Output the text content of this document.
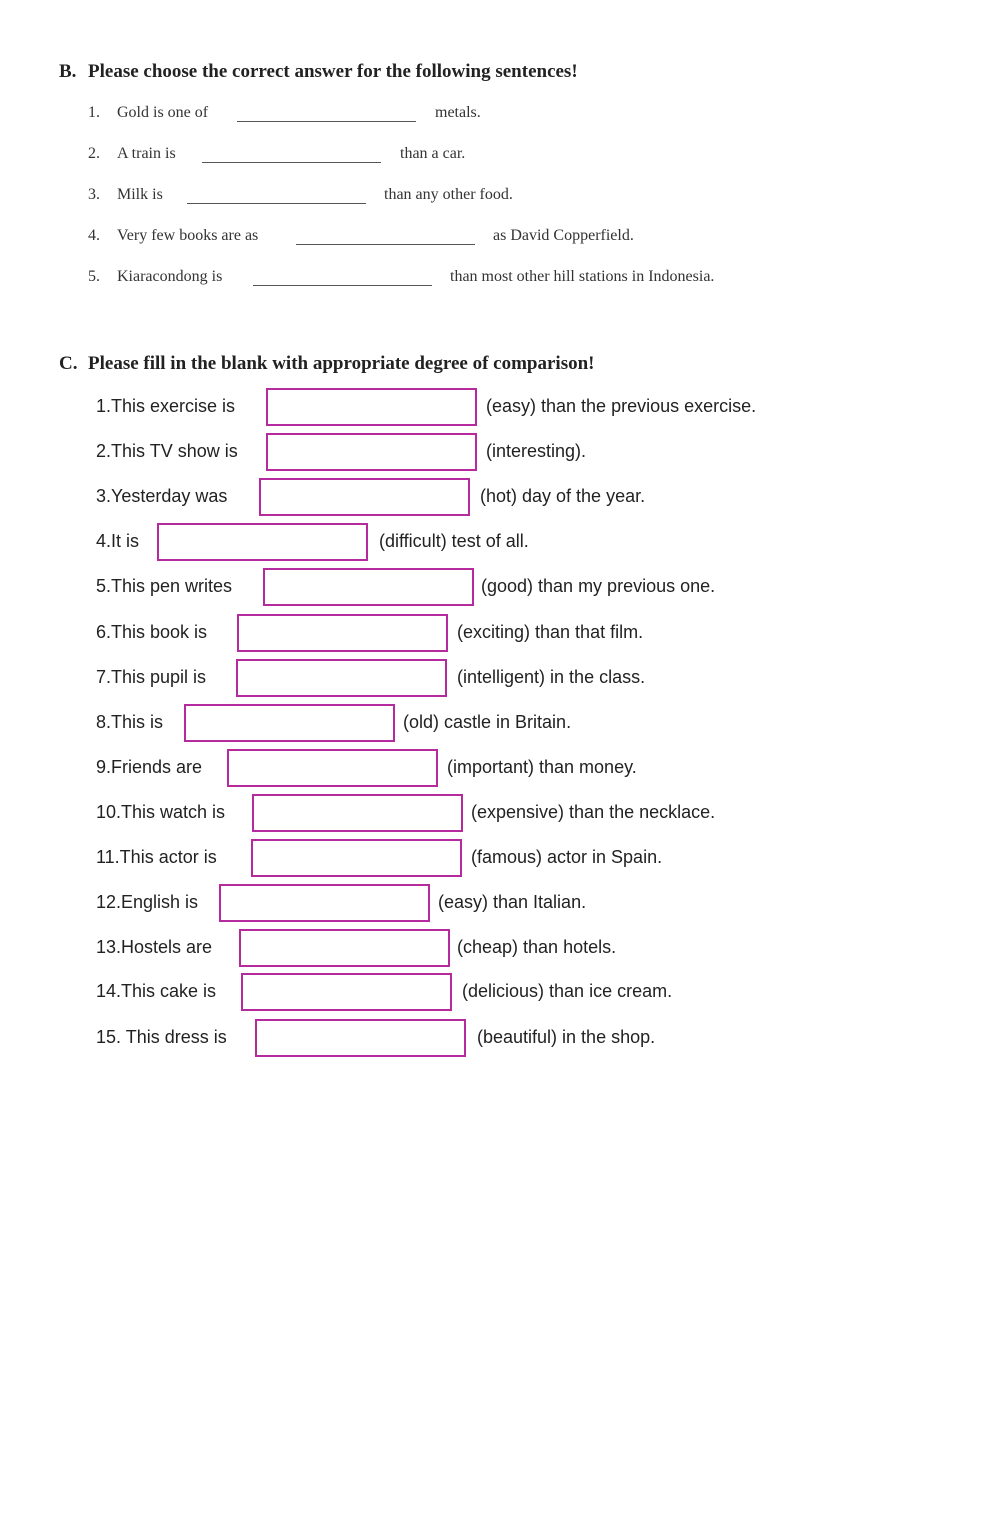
B. Please choose the correct answer for the following sentences!
1. Gold is one of	metals.
2. A train is	than a car.
3. Milk is	than any other food.
4. Very few books are as	as David Copperfield.
5. Kiaracondong is	than most other hill stations in Indonesia.
C. Please fill in the blank with appropriate degree of comparison!
1.This exercise is	(easy) than the previous exercise.
2.This TV show is	(interesting).
3.Yesterday was	(hot) day of the year.
4.It is	(difficult) test of all.
5.This pen writes	(good) than my previous one.
6.This book is	(exciting) than that film.
7.This pupil is	(intelligent) in the class.
8.This is	(old) castle in Britain.
9.Friends are	(important) than money.
10.This watch is	(expensive) than the necklace.
11.This actor is	(famous) actor in Spain.
12.English is	(easy) than Italian.
13.Hostels are	(cheap) than hotels.
14.This cake is	(delicious) than ice cream.
15. This dress is	(beautiful) in the shop.
